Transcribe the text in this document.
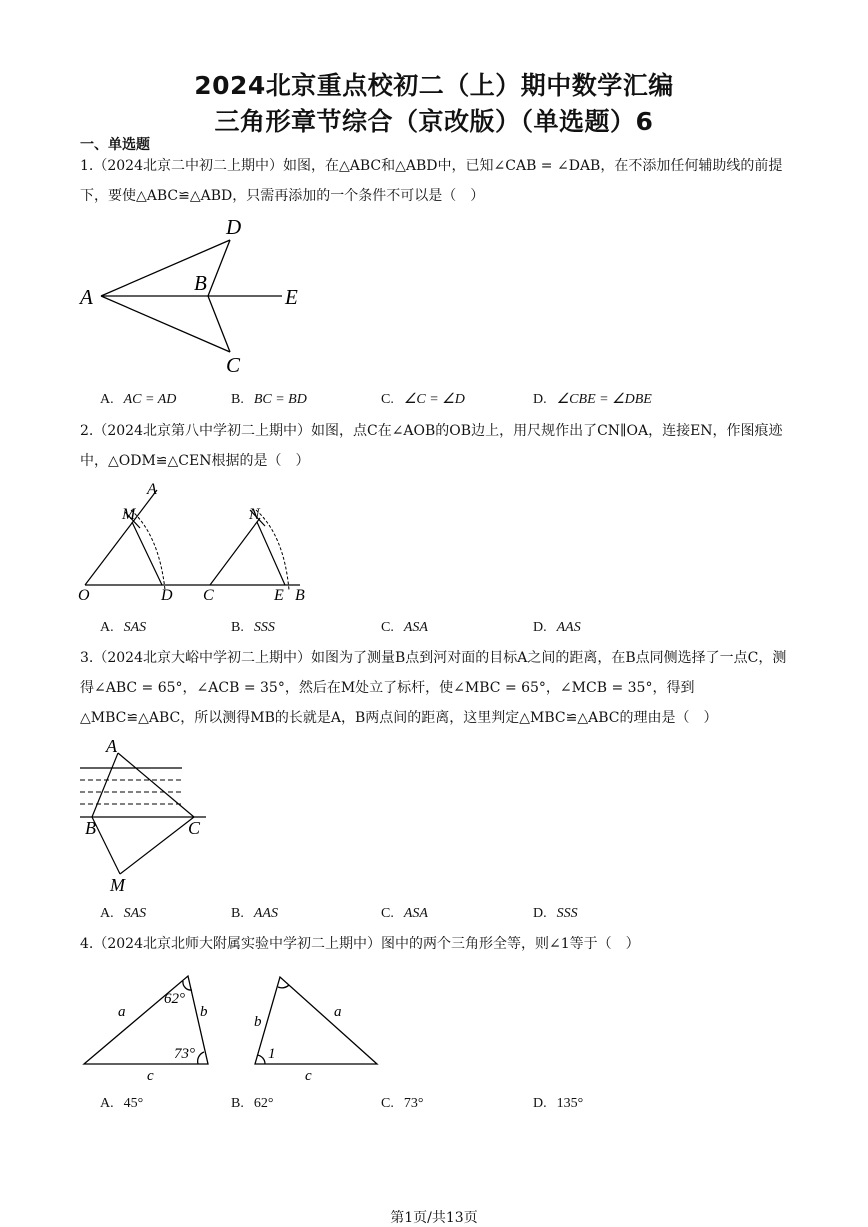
2024北京重点校初二（上）期中数学汇编
三角形章节综合（京改版）（单选题）6
一、单选题
1.（2024北京二中初二上期中）如图，在△ABC和△ABD中，已知∠CAB = ∠DAB，在不添加任何辅助线的前提下，要使△ABC≌△ABD，只需再添加的一个条件不可以是（　）
D
A
B
E
C
A. AC = AD	B. BC = BD	C. ∠C = ∠D	D. ∠CBE = ∠DBE
2.（2024北京第八中学初二上期中）如图，点C在∠AOB的OB边上，用尺规作出了CN∥OA，连接EN，作图痕迹中，△ODM≌△CEN根据的是（　）
A
M	N
O	D C	E B
A. SAS	B. SSS	C. ASA	D. AAS
3.（2024北京大峪中学初二上期中）如图为了测量B点到河对面的目标A之间的距离，在B点同侧选择了一点C，测得∠ABC = 65°，∠ACB = 35°，然后在M处立了标杆，使∠MBC = 65°，∠MCB = 35°，得到△MBC≌△ABC，所以测得MB的长就是A，B两点间的距离，这里判定△MBC≌△ABC的理由是（　）
A
B	C
M
A. SAS	B. AAS	C. ASA	D. SSS
4.（2024北京北师大附属实验中学初二上期中）图中的两个三角形全等，则∠1等于（　）
62°
a	b
73°
c
b
a
1
c
A. 45°	B. 62°	C. 73°	D. 135°
第1页/共13页
